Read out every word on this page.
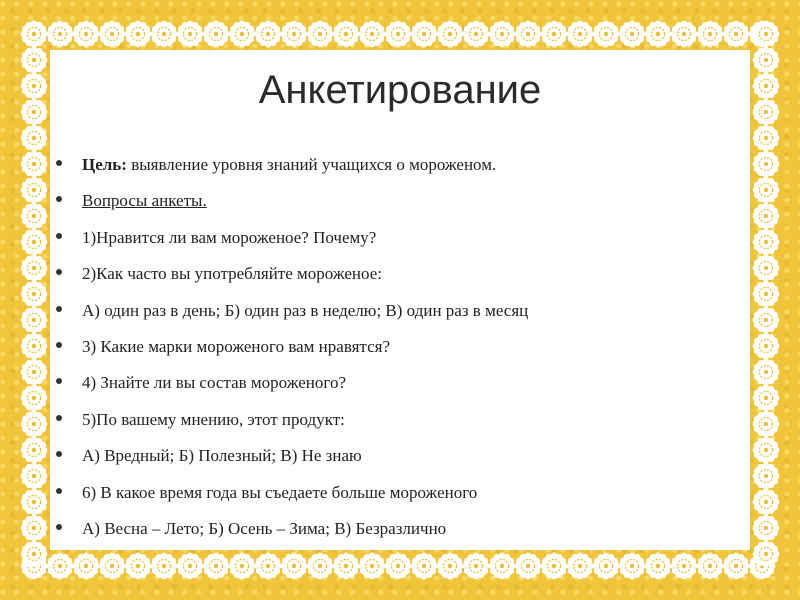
Анкетирование
Цель: выявление уровня знаний учащихся о мороженом.
Вопросы анкеты.
1)Нравится ли вам мороженое? Почему?
2)Как часто вы употребляйте мороженое:
А) один раз в день; Б) один раз в неделю; В) один раз в месяц
3) Какие марки мороженого вам нравятся?
4) Знайте ли вы состав мороженого?
5)По вашему мнению, этот продукт:
А) Вредный; Б) Полезный; В) Не знаю
6) В какое время года вы съедаете больше мороженого
А) Весна – Лето; Б) Осень – Зима; В) Безразлично
